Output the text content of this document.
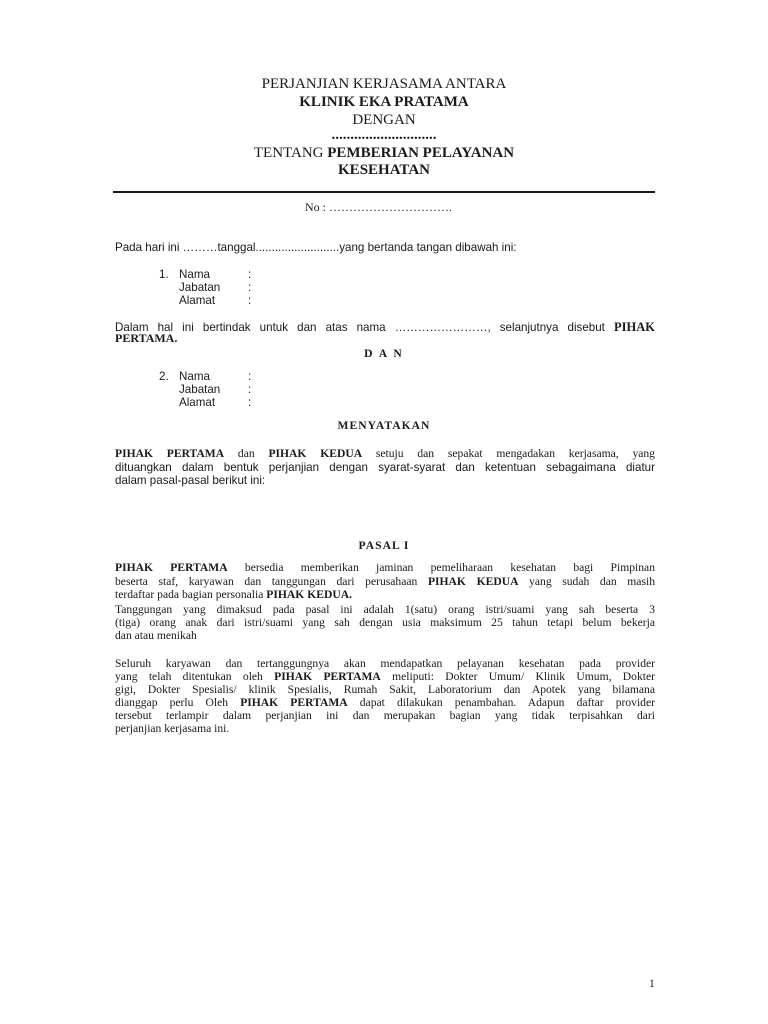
PERJANJIAN KERJASAMA ANTARA
KLINIK EKA PRATAMA
DENGAN
............................
TENTANG PEMBERIAN PELAYANAN
KESEHATAN
No : ………………………….
Pada hari ini ………tanggal..........................yang bertanda tangan dibawah ini:
1. Nama	:
Jabatan :
Alamat	:
Dalam hal ini bertindak untuk dan atas nama ……………………, selanjutnya disebut PIHAK
PERTAMA.
D A N
2. Nama	:
Jabatan :
Alamat	:
MENYATAKAN
PIHAK PERTAMA dan PIHAK KEDUA setuju dan sepakat mengadakan kerjasama, yang
dituangkan dalam bentuk perjanjian dengan syarat-syarat dan ketentuan sebagaimana diatur
dalam pasal-pasal berikut ini:
PASAL I
PIHAK PERTAMA bersedia memberikan jaminan pemeliharaan kesehatan bagi Pimpinan
beserta staf, karyawan dan tanggungan dari perusahaan PIHAK KEDUA yang sudah dan masih
terdaftar pada bagian personalia PIHAK KEDUA.
Tanggungan yang dimaksud pada pasal ini adalah 1(satu) orang istri/suami yang sah beserta 3
(tiga) orang anak dari istri/suami yang sah dengan usia maksimum 25 tahun tetapi belum bekerja
dan atau menikah
Seluruh karyawan dan tertanggungnya akan mendapatkan pelayanan kesehatan pada provider
yang telah ditentukan oleh PIHAK PERTAMA meliputi: Dokter Umum/ Klinik Umum, Dokter
gigi, Dokter Spesialis/ klinik Spesialis, Rumah Sakit, Laboratorium dan Apotek yang bilamana
dianggap perlu Oleh PIHAK PERTAMA dapat dilakukan penambahan. Adapun daftar provider
tersebut terlampir dalam perjanjian ini dan merupakan bagian yang tidak terpisahkan dari
perjanjian kerjasama ini.
1
